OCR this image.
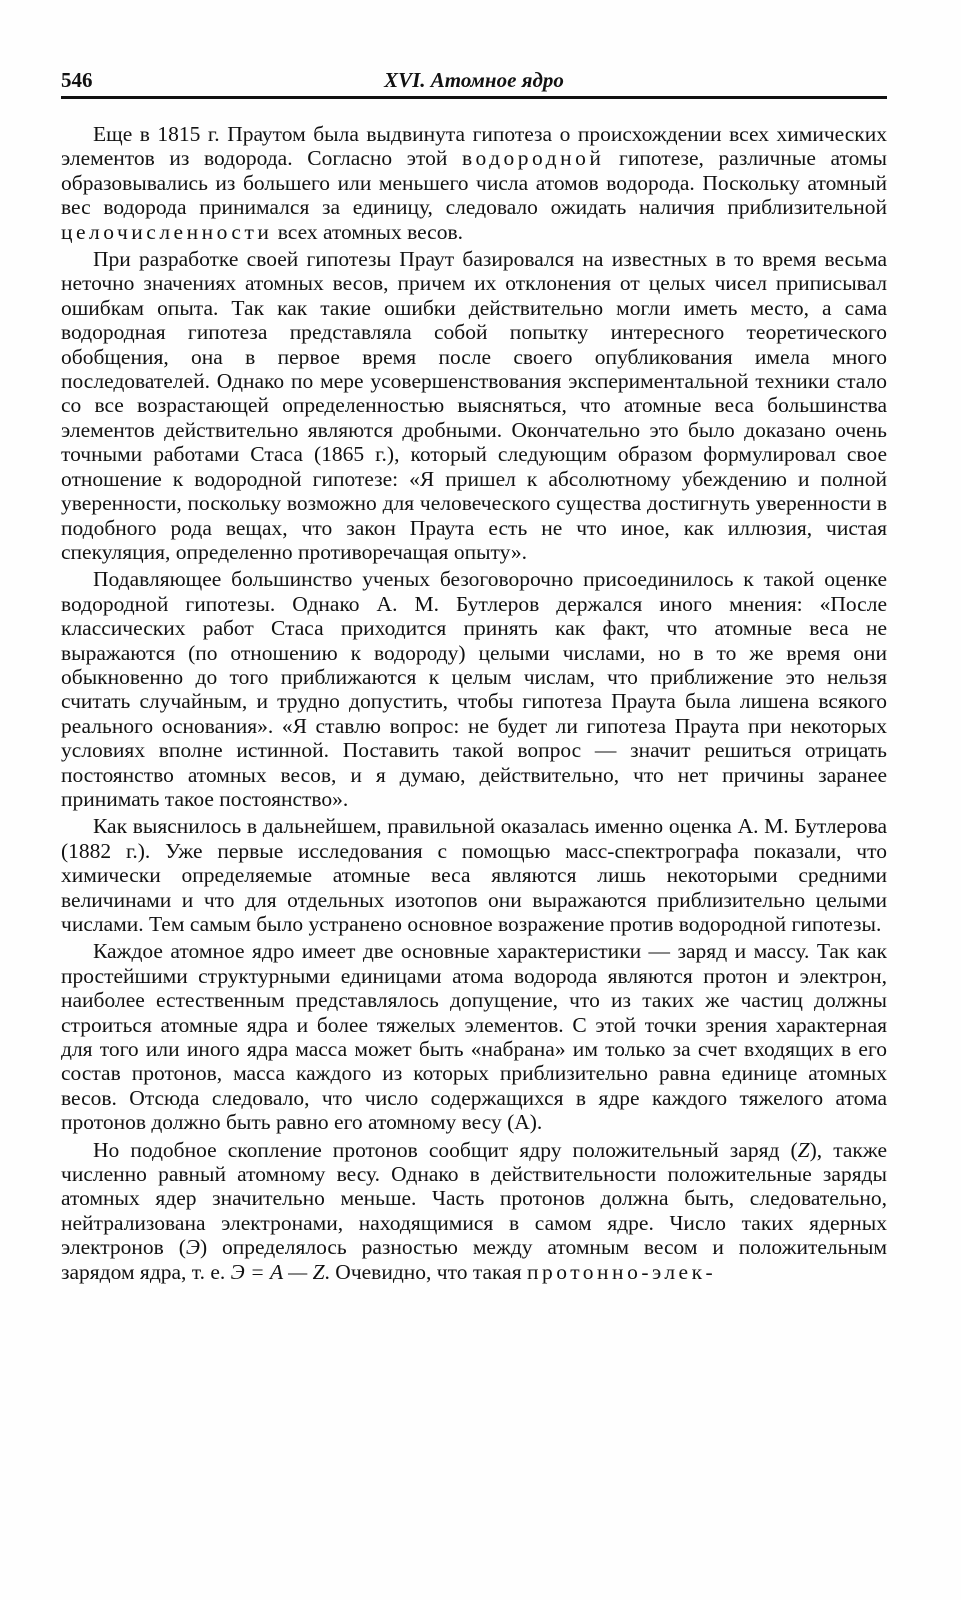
546	XVI. Атомное ядро

Еще в 1815 г. Праутом была выдвинута гипотеза о происхождении всех химических элементов из водорода. Согласно этой водородной гипотезе, различные атомы образовывались из большего или меньшего числа атомов водорода. Поскольку атомный вес водорода принимался за единицу, следовало ожидать наличия приблизительной целочисленности всех атомных весов.

При разработке своей гипотезы Праут базировался на известных в то время весьма неточно значениях атомных весов, причем их отклонения от целых чисел приписывал ошибкам опыта. Так как такие ошибки действительно могли иметь место, а сама водородная гипотеза представляла собой попытку интересного теоретического обобщения, она в первое время после своего опубликования имела много последователей. Однако по мере усовершенствования экспериментальной техники стало со все возрастающей определенностью выясняться, что атомные веса большинства элементов действительно являются дробными. Окончательно это было доказано очень точными работами Стаса (1865 г.), который следующим образом формулировал свое отношение к водородной гипотезе: «Я пришел к абсолютному убеждению и полной уверенности, поскольку возможно для человеческого существа достигнуть уверенности в подобного рода вещах, что закон Праута есть не что иное, как иллюзия, чистая спекуляция, определенно противоречащая опыту».

Подавляющее большинство ученых безоговорочно присоединилось к такой оценке водородной гипотезы. Однако А. М. Бутлеров держался иного мнения: «После классических работ Стаса приходится принять как факт, что атомные веса не выражаются (по отношению к водороду) целыми числами, но в то же время они обыкновенно до того приближаются к целым числам, что приближение это нельзя считать случайным, и трудно допустить, чтобы гипотеза Праута была лишена всякого реального основания». «Я ставлю вопрос: не будет ли гипотеза Праута при некоторых условиях вполне истинной. Поставить такой вопрос — значит решиться отрицать постоянство атомных весов, и я думаю, действительно, что нет причины заранее принимать такое постоянство».

Как выяснилось в дальнейшем, правильной оказалась именно оценка А. М. Бутлерова (1882 г.). Уже первые исследования с помощью масс-спектрографа показали, что химически определяемые атомные веса являются лишь некоторыми средними величинами и что для отдельных изотопов они выражаются приблизительно целыми числами. Тем самым было устранено основное возражение против водородной гипотезы.

Каждое атомное ядро имеет две основные характеристики — заряд и массу. Так как простейшими структурными единицами атома водорода являются протон и электрон, наиболее естественным представлялось допущение, что из таких же частиц должны строиться атомные ядра и более тяжелых элементов. С этой точки зрения характерная для того или иного ядра масса может быть «набрана» им только за счет входящих в его состав протонов, масса каждого из которых приблизительно равна единице атомных весов. Отсюда следовало, что число содержащихся в ядре каждого тяжелого атома протонов должно быть равно его атомному весу (A).

Но подобное скопление протонов сообщит ядру положительный заряд (Z), также численно равный атомному весу. Однако в действительности положительные заряды атомных ядер значительно меньше. Часть протонов должна быть, следовательно, нейтрализована электронами, находящимися в самом ядре. Число таких ядерных электронов (Э) определялось разностью между атомным весом и положительным зарядом ядра, т. е. Э = A — Z. Очевидно, что такая протонно-элек-
